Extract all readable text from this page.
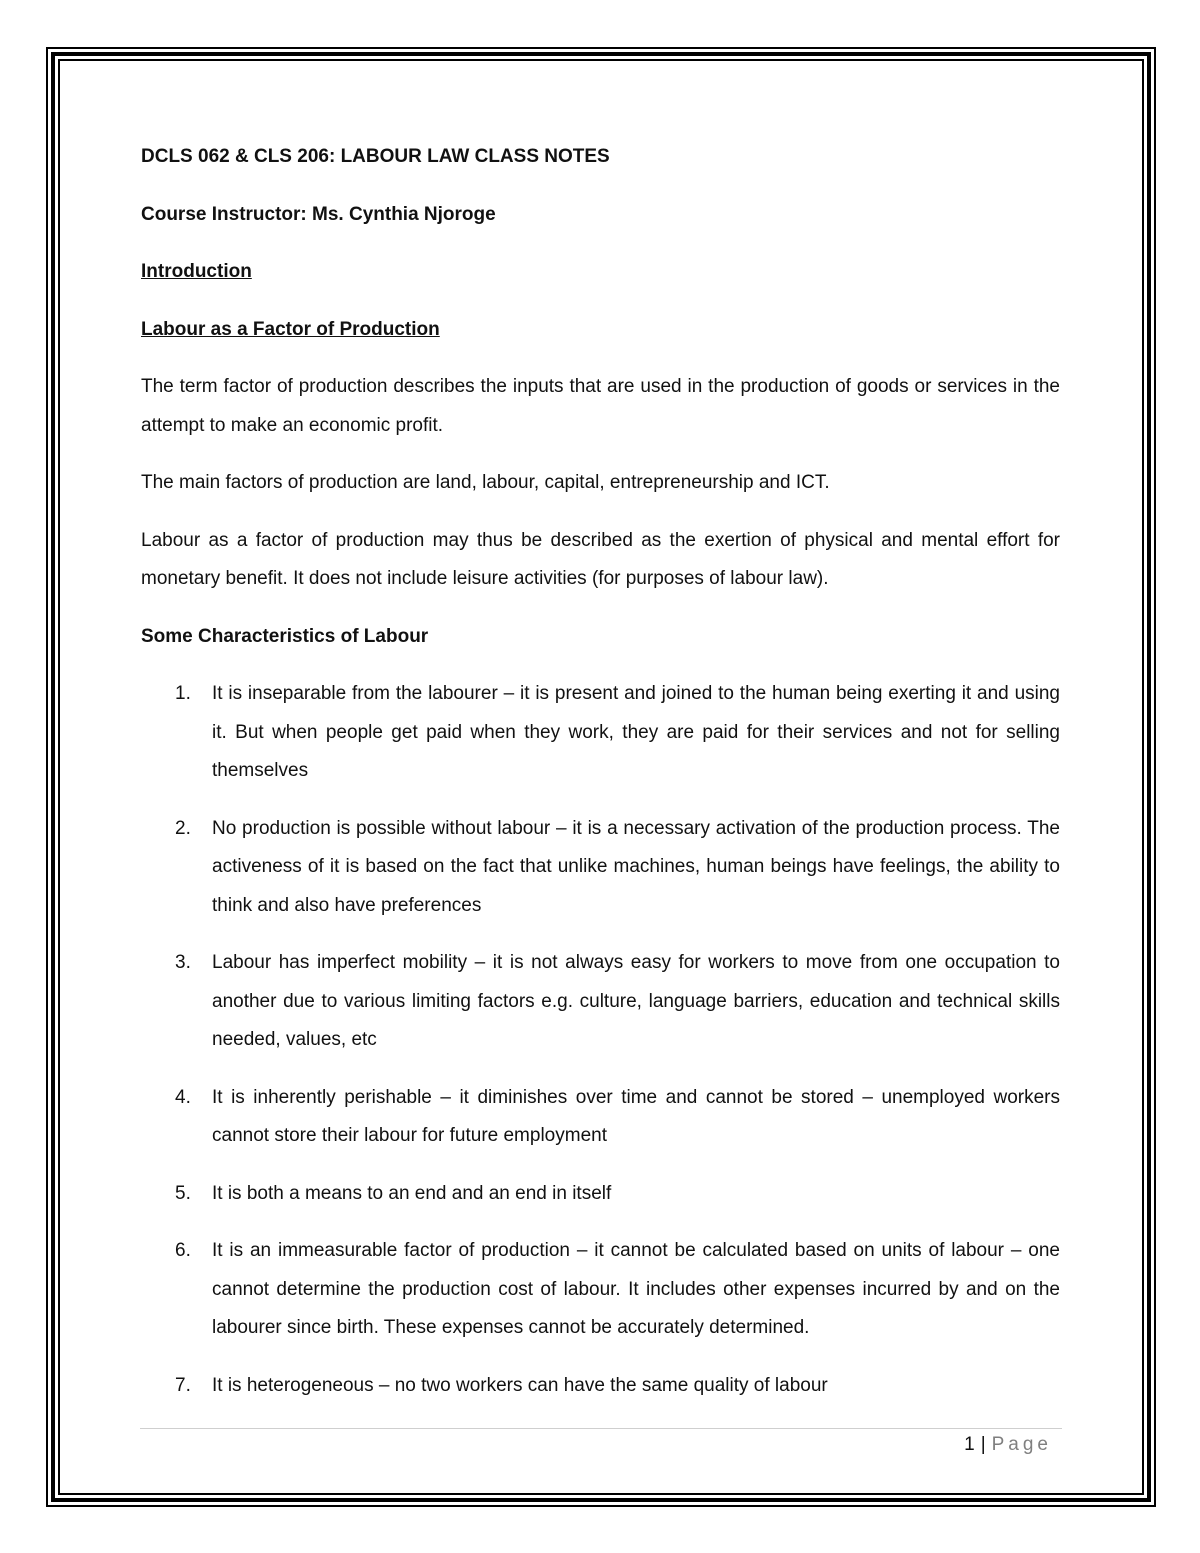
DCLS 062 & CLS 206: LABOUR LAW CLASS NOTES
Course Instructor: Ms. Cynthia Njoroge
Introduction
Labour as a Factor of Production

The term factor of production describes the inputs that are used in the production of goods or services in the attempt to make an economic profit.

The main factors of production are land, labour, capital, entrepreneurship and ICT.

Labour as a factor of production may thus be described as the exertion of physical and mental effort for monetary benefit. It does not include leisure activities (for purposes of labour law).

Some Characteristics of Labour
1. It is inseparable from the labourer – it is present and joined to the human being exerting it and using it. But when people get paid when they work, they are paid for their services and not for selling themselves
2. No production is possible without labour – it is a necessary activation of the production process. The activeness of it is based on the fact that unlike machines, human beings have feelings, the ability to think and also have preferences
3. Labour has imperfect mobility – it is not always easy for workers to move from one occupation to another due to various limiting factors e.g. culture, language barriers, education and technical skills needed, values, etc
4. It is inherently perishable – it diminishes over time and cannot be stored – unemployed workers cannot store their labour for future employment
5. It is both a means to an end and an end in itself
6. It is an immeasurable factor of production – it cannot be calculated based on units of labour – one cannot determine the production cost of labour. It includes other expenses incurred by and on the labourer since birth. These expenses cannot be accurately determined.
7. It is heterogeneous – no two workers can have the same quality of labour
1 | Page
